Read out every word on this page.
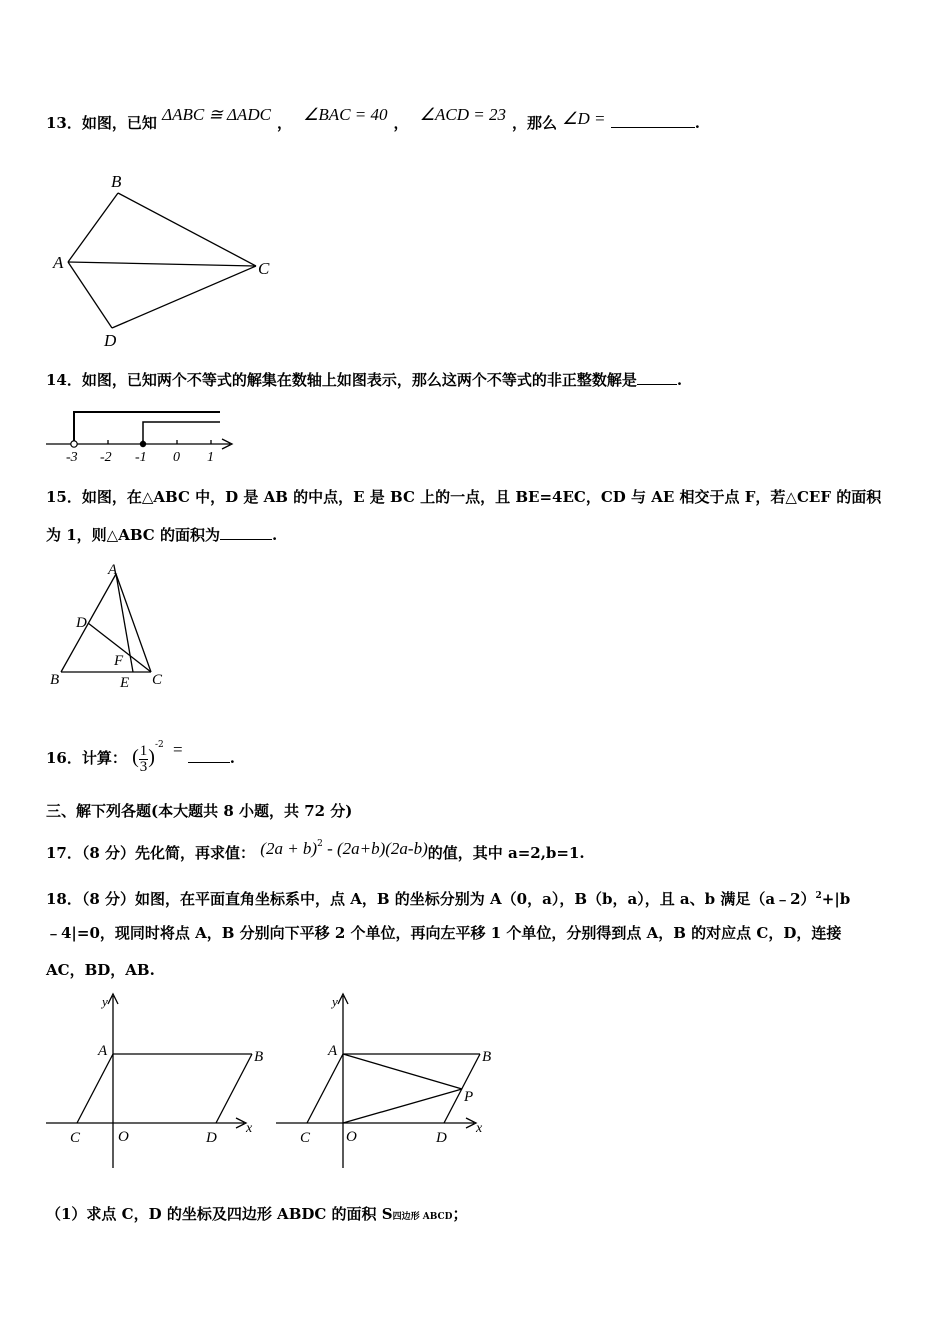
13．如图，已知 ΔABC ≅ ΔADC ， ∠BAC = 40 ， ∠ACD = 23 ，那么 ∠D =	.
B
A	C
D
14．如图，已知两个不等式的解集在数轴上如图表示，那么这两个不等式的非正整数解是	.
-3 -2 -1 0 1
15．如图，在△ABC 中，D 是 AB 的中点，E 是 BC 上的一点，且 BE=4EC，CD 与 AE 相交于点 F，若△CEF 的面积
为 1，则△ABC 的面积为	.
A
D
F
B	E C
16．计算： ( $\frac{1}{3} )^{-2}$ =	.
三、解下列各题(本大题共 8 小题，共 72 分)
17．（8 分）先化简，再求值： $(2a + b)^2 - (2a+b)(2a-b)$的值，其中 a=2,b=1.
18．（8 分）如图，在平面直角坐标系中，点 A，B 的坐标分别为 A（0，a），B（b，a），且 a、b 满足（a﹣2）$^2$+|b
﹣4|=0，现同时将点 A，B 分别向下平移 2 个单位，再向左平移 1 个单位，分别得到点 A，B 的对应点 C，D，连接
AC，BD，AB.
y
A	B
C	O	D
x
y
A	B
P
C O	D
x
（1）求点 C，D 的坐标及四边形 ABDC 的面积 S四边形 ABCD；
